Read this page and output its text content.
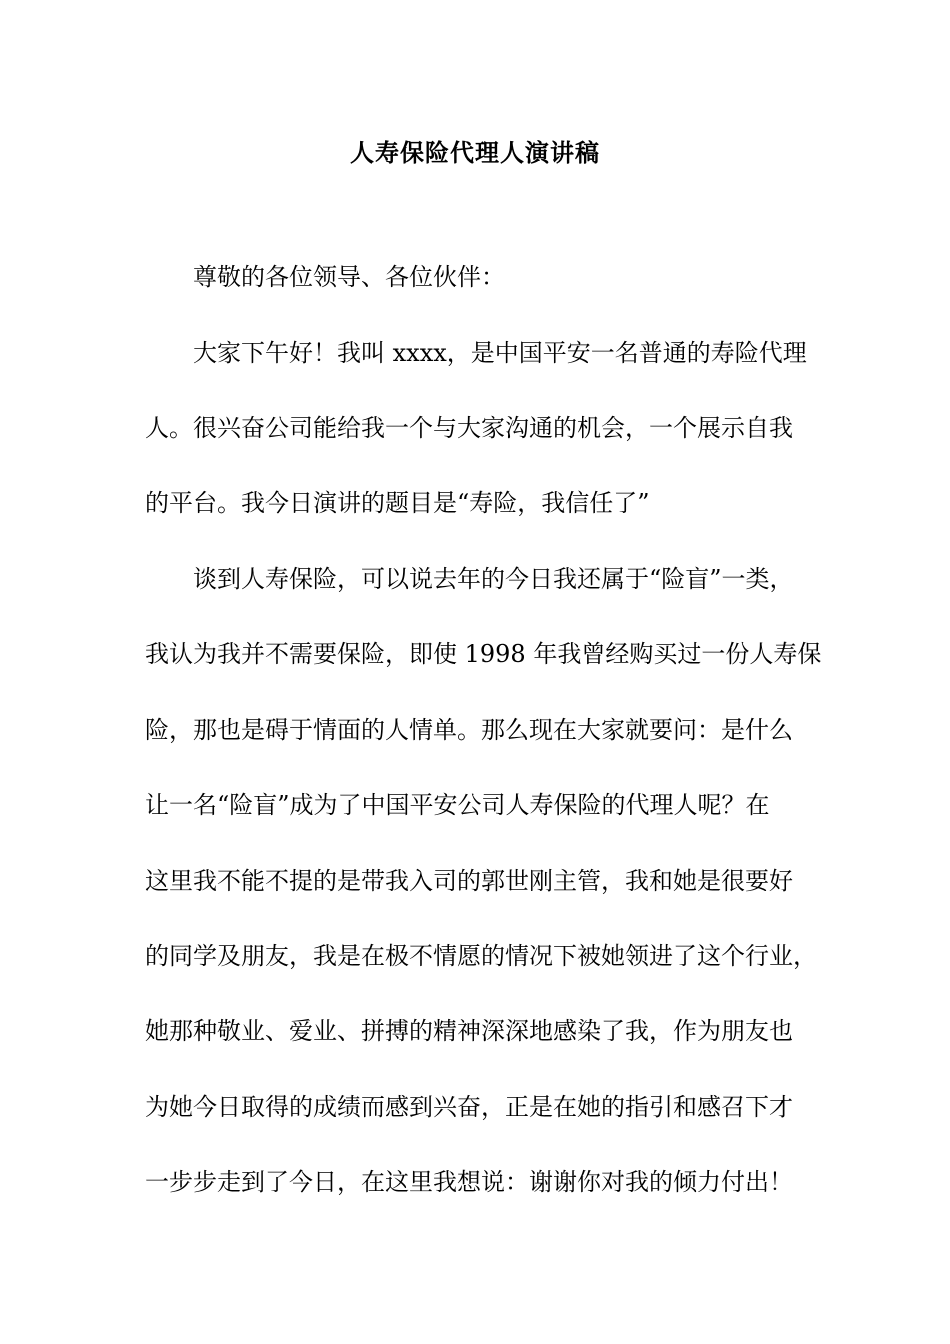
人寿保险代理人演讲稿
尊敬的各位领导、各位伙伴：
大家下午好！我叫 xxxx，是中国平安一名普通的寿险代理
人。很兴奋公司能给我一个与大家沟通的机会，一个展示自我
的平台。我今日演讲的题目是“寿险，我信任了”
谈到人寿保险，可以说去年的今日我还属于“险盲”一类，
我认为我并不需要保险，即使 1998 年我曾经购买过一份人寿保
险，那也是碍于情面的人情单。那么现在大家就要问：是什么
让一名“险盲”成为了中国平安公司人寿保险的代理人呢？在
这里我不能不提的是带我入司的郭世刚主管，我和她是很要好
的同学及朋友，我是在极不情愿的情况下被她领进了这个行业，
她那种敬业、爱业、拼搏的精神深深地感染了我，作为朋友也
为她今日取得的成绩而感到兴奋，正是在她的指引和感召下才
一步步走到了今日，在这里我想说：谢谢你对我的倾力付出！
